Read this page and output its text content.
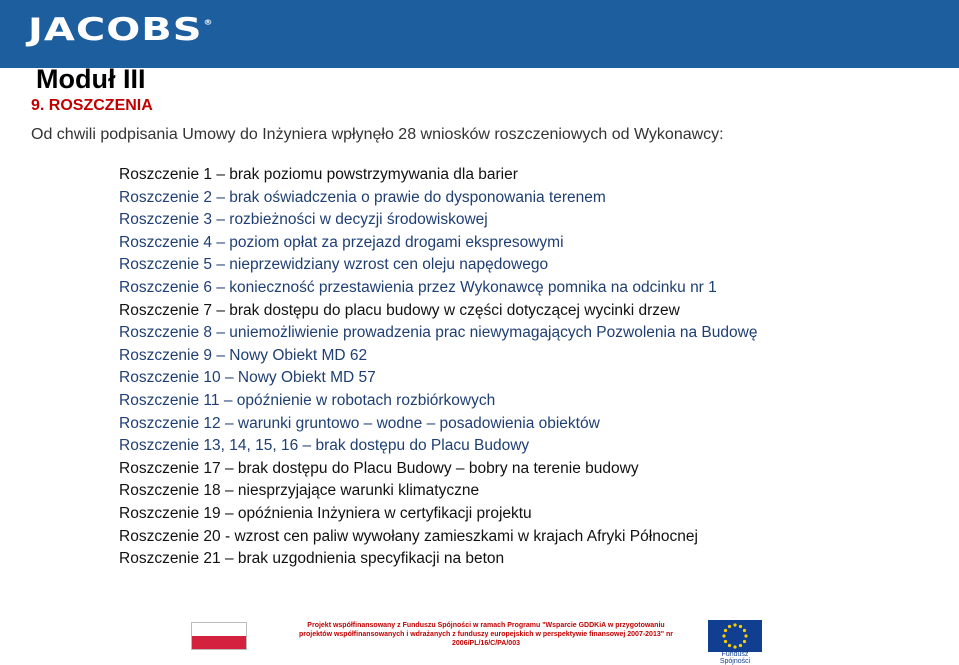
JACOBS®
Moduł III
9. ROSZCZENIA
Od chwili podpisania Umowy do Inżyniera wpłynęło 28 wniosków roszczeniowych od Wykonawcy:
Roszczenie 1 – brak poziomu powstrzymywania dla barier
Roszczenie 2 – brak oświadczenia o prawie do dysponowania terenem
Roszczenie 3 – rozbieżności w decyzji środowiskowej
Roszczenie 4 – poziom opłat za przejazd drogami ekspresowymi
Roszczenie 5 – nieprzewidziany wzrost cen oleju napędowego
Roszczenie 6 – konieczność przestawienia przez Wykonawcę pomnika na odcinku nr 1
Roszczenie 7 – brak dostępu do placu budowy w części dotyczącej wycinki drzew
Roszczenie 8 – uniemożliwienie prowadzenia prac niewymagających Pozwolenia na Budowę
Roszczenie 9 – Nowy Obiekt MD 62
Roszczenie 10 – Nowy Obiekt MD 57
Roszczenie 11 – opóźnienie w robotach rozbiórkowych
Roszczenie 12 – warunki gruntowo – wodne – posadowienia obiektów
Roszczenie 13, 14, 15, 16 – brak dostępu do Placu Budowy
Roszczenie 17 – brak dostępu do Placu Budowy – bobry na terenie budowy
Roszczenie 18 – niesprzyjające warunki klimatyczne
Roszczenie 19 – opóźnienia Inżyniera w certyfikacji projektu
Roszczenie 20 - wzrost cen paliw wywołany zamieszkami w krajach Afryki Północnej
Roszczenie 21 – brak uzgodnienia specyfikacji na beton
Projekt współfinansowany z Funduszu Spójności w ramach Programu "Wsparcie GDDKiA w przygotowaniu
projektów współfinansowanych i wdrażanych z funduszy europejskich w perspektywie finansowej 2007-2013" nr
2006/PL/16/C/PA/003
Fundusz
Spójności
